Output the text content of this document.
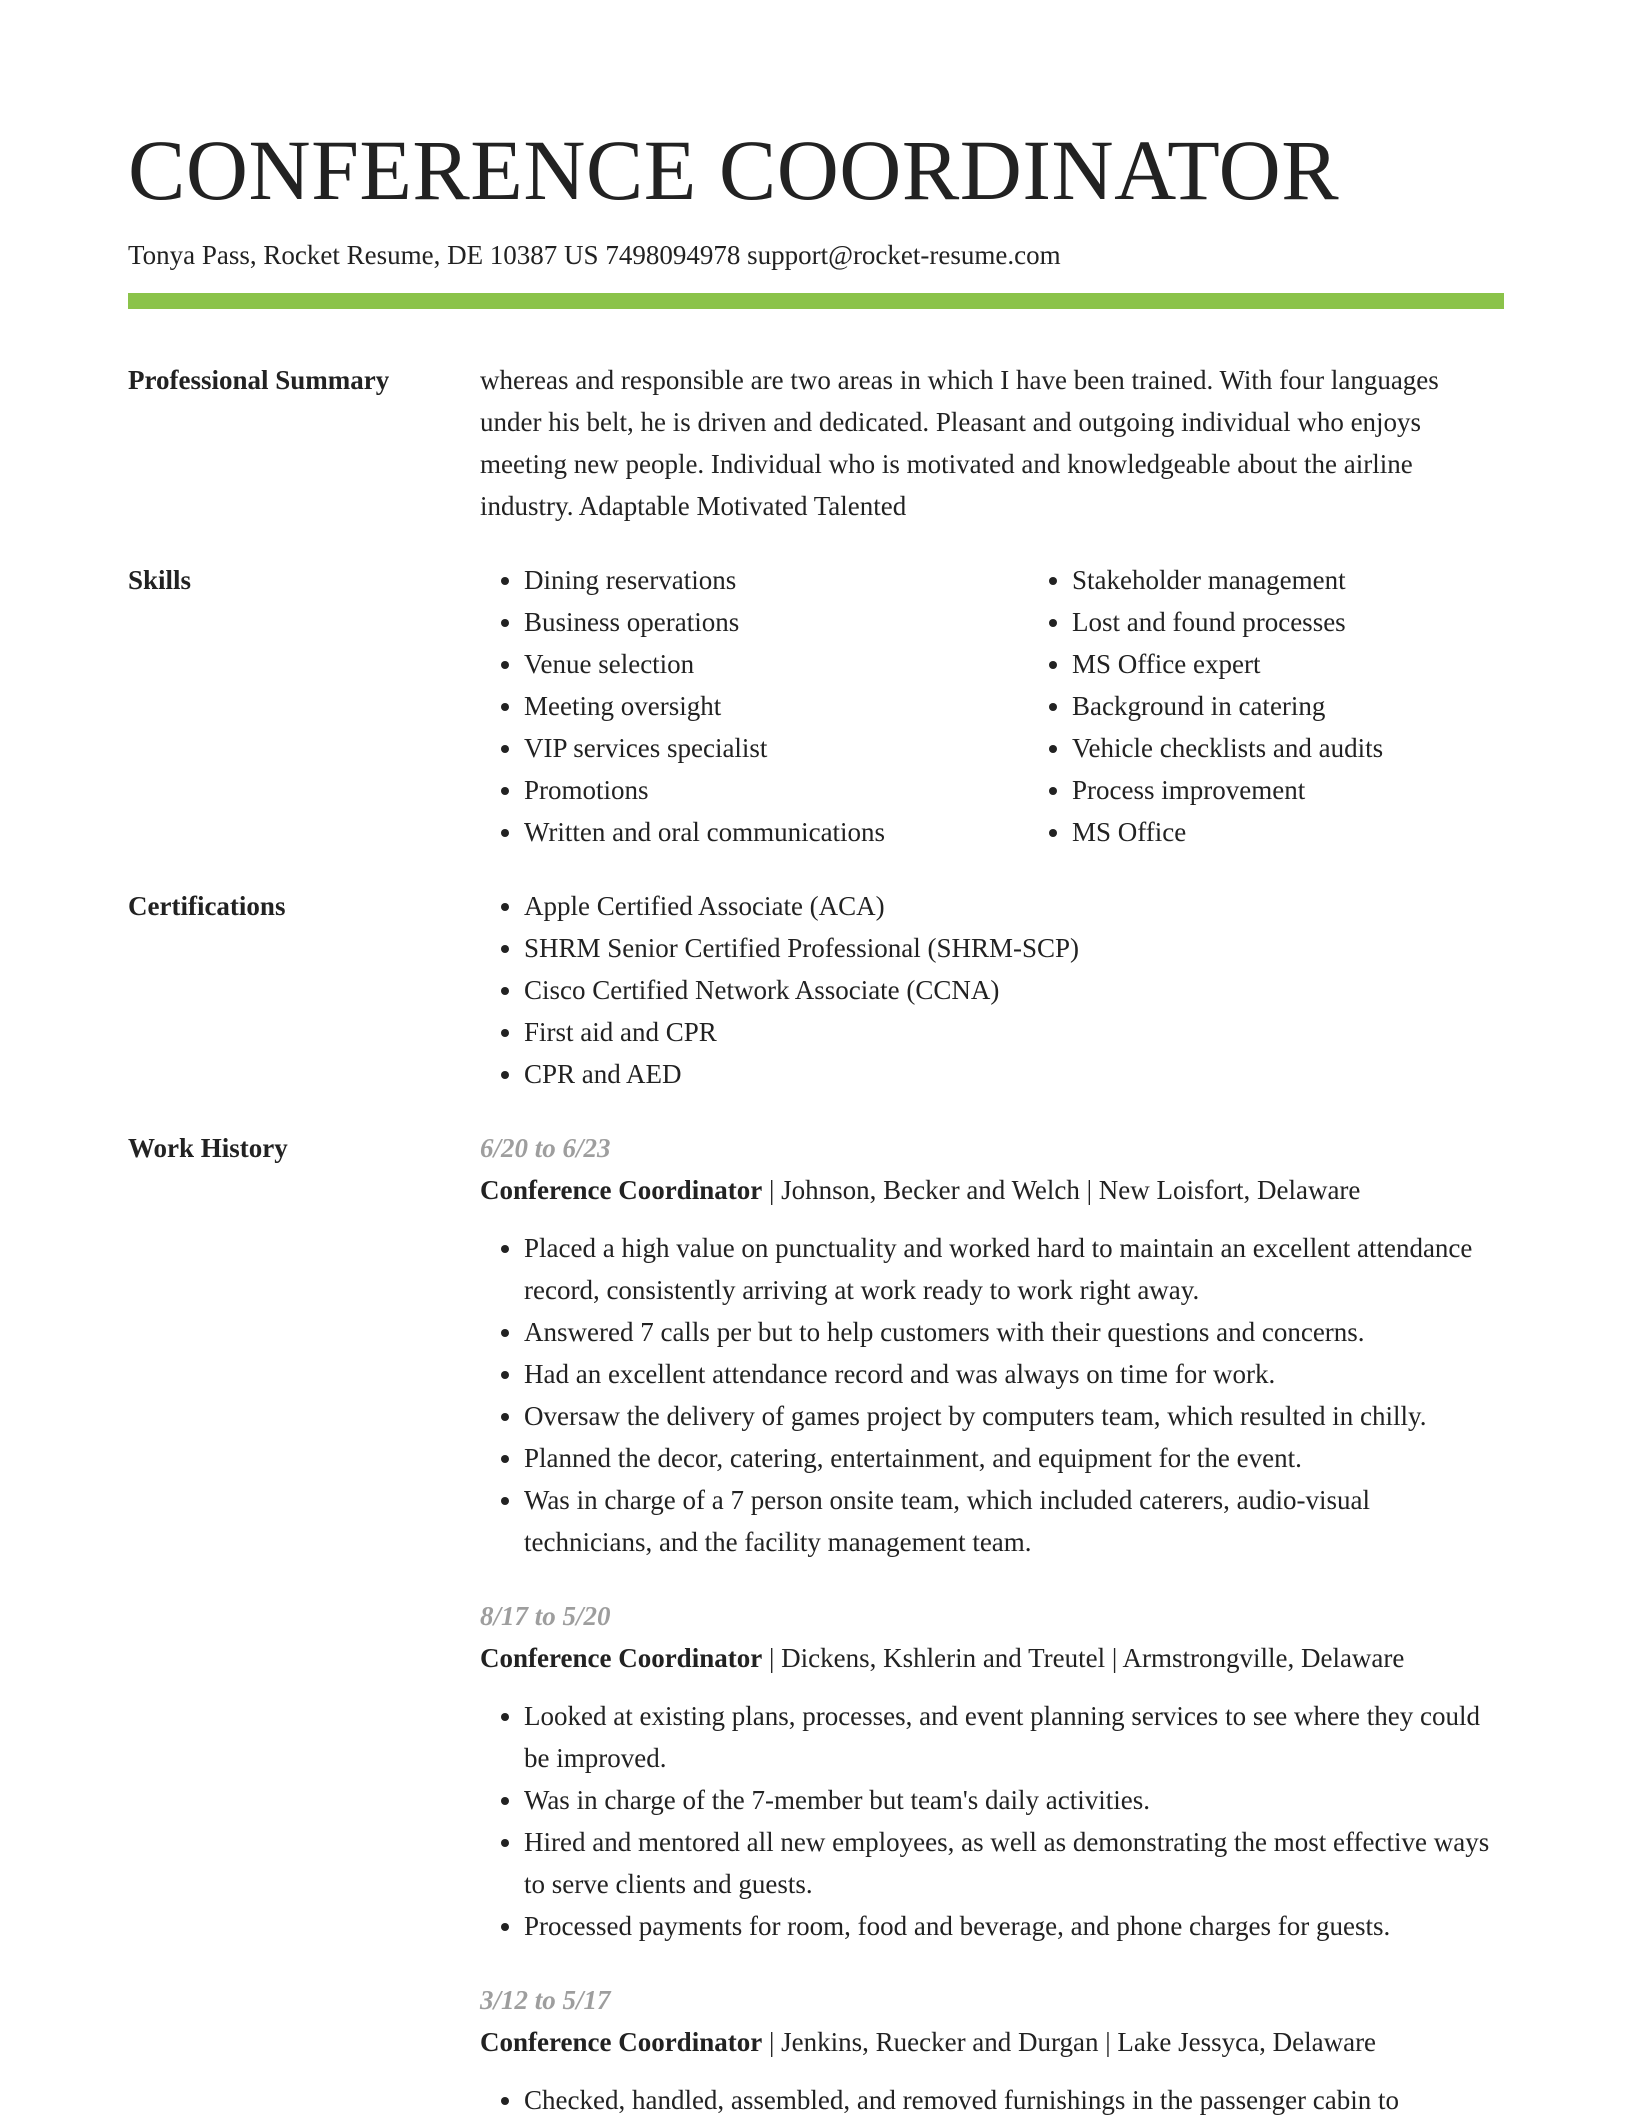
CONFERENCE COORDINATOR
Tonya Pass, Rocket Resume, DE 10387 US 7498094978 support@rocket-resume.com
Professional Summary	whereas and responsible are two areas in which I have been trained. With four languages under his belt, he is driven and dedicated. Pleasant and outgoing individual who enjoys meeting new people. Individual who is motivated and knowledgeable about the airline industry. Adaptable Motivated Talented

Skills	• Dining reservations
• Business operations
• Venue selection
• Meeting oversight
• VIP services specialist
• Promotions
• Written and oral communications
• Stakeholder management
• Lost and found processes
• MS Office expert
• Background in catering
• Vehicle checklists and audits
• Process improvement
• MS Office
Certifications	• Apple Certified Associate (ACA)
• SHRM Senior Certified Professional (SHRM-SCP)
• Cisco Certified Network Associate (CCNA)
• First aid and CPR
• CPR and AED
Work History	6/20 to 6/23

Conference Coordinator | Johnson, Becker and Welch | New Loisfort, Delaware

• Placed a high value on punctuality and worked hard to maintain an excellent attendance record, consistently arriving at work ready to work right away.
• Answered 7 calls per but to help customers with their questions and concerns.
• Had an excellent attendance record and was always on time for work.
• Oversaw the delivery of games project by computers team, which resulted in chilly.
• Planned the decor, catering, entertainment, and equipment for the event.
• Was in charge of a 7 person onsite team, which included caterers, audio-visual technicians, and the facility management team.

8/17 to 5/20

Conference Coordinator | Dickens, Kshlerin and Treutel | Armstrongville, Delaware

• Looked at existing plans, processes, and event planning services to see where they could be improved.
• Was in charge of the 7-member but team's daily activities.
• Hired and mentored all new employees, as well as demonstrating the most effective ways to serve clients and guests.
• Processed payments for room, food and beverage, and phone charges for guests.

3/12 to 5/17

Conference Coordinator | Jenkins, Ruecker and Durgan | Lake Jessyca, Delaware

• Checked, handled, assembled, and removed furnishings in the passenger cabin to
